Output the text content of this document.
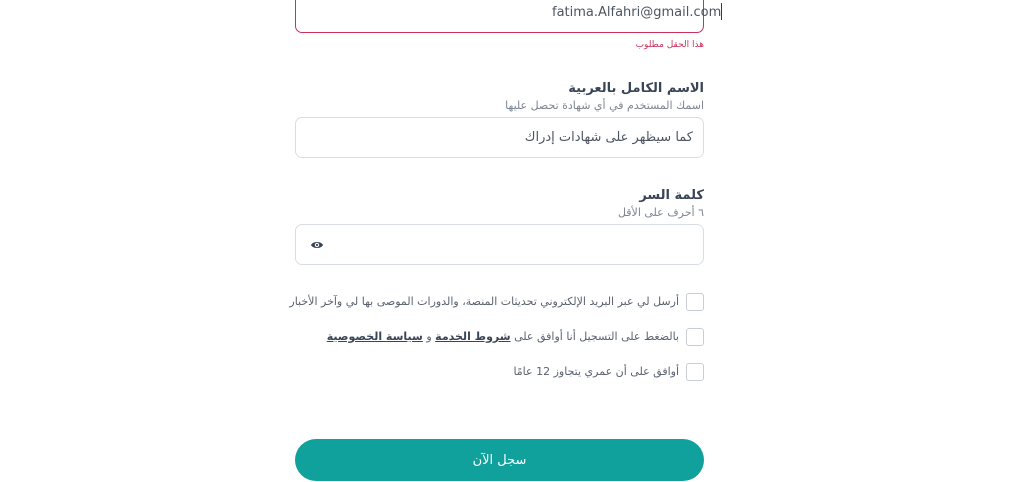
fatima.Alfahri@gmail.com
هذا الحقل مطلوب
الاسم الكامل بالعربية
اسمك المستخدم في أي شهادة تحصل عليها
كما سيظهر على شهادات إدراك
كلمة السر
٦ أحرف على الأقل
أرسل لي عبر البريد الإلكتروني تحديثات المنصة، والدورات الموصى بها لي وآخر الأخبار
بالضغط على التسجيل أنا أوافق على شروط الخدمة و سياسة الخصوصية
أوافق على أن عمري يتجاوز 12 عامًا
سجل الآن
